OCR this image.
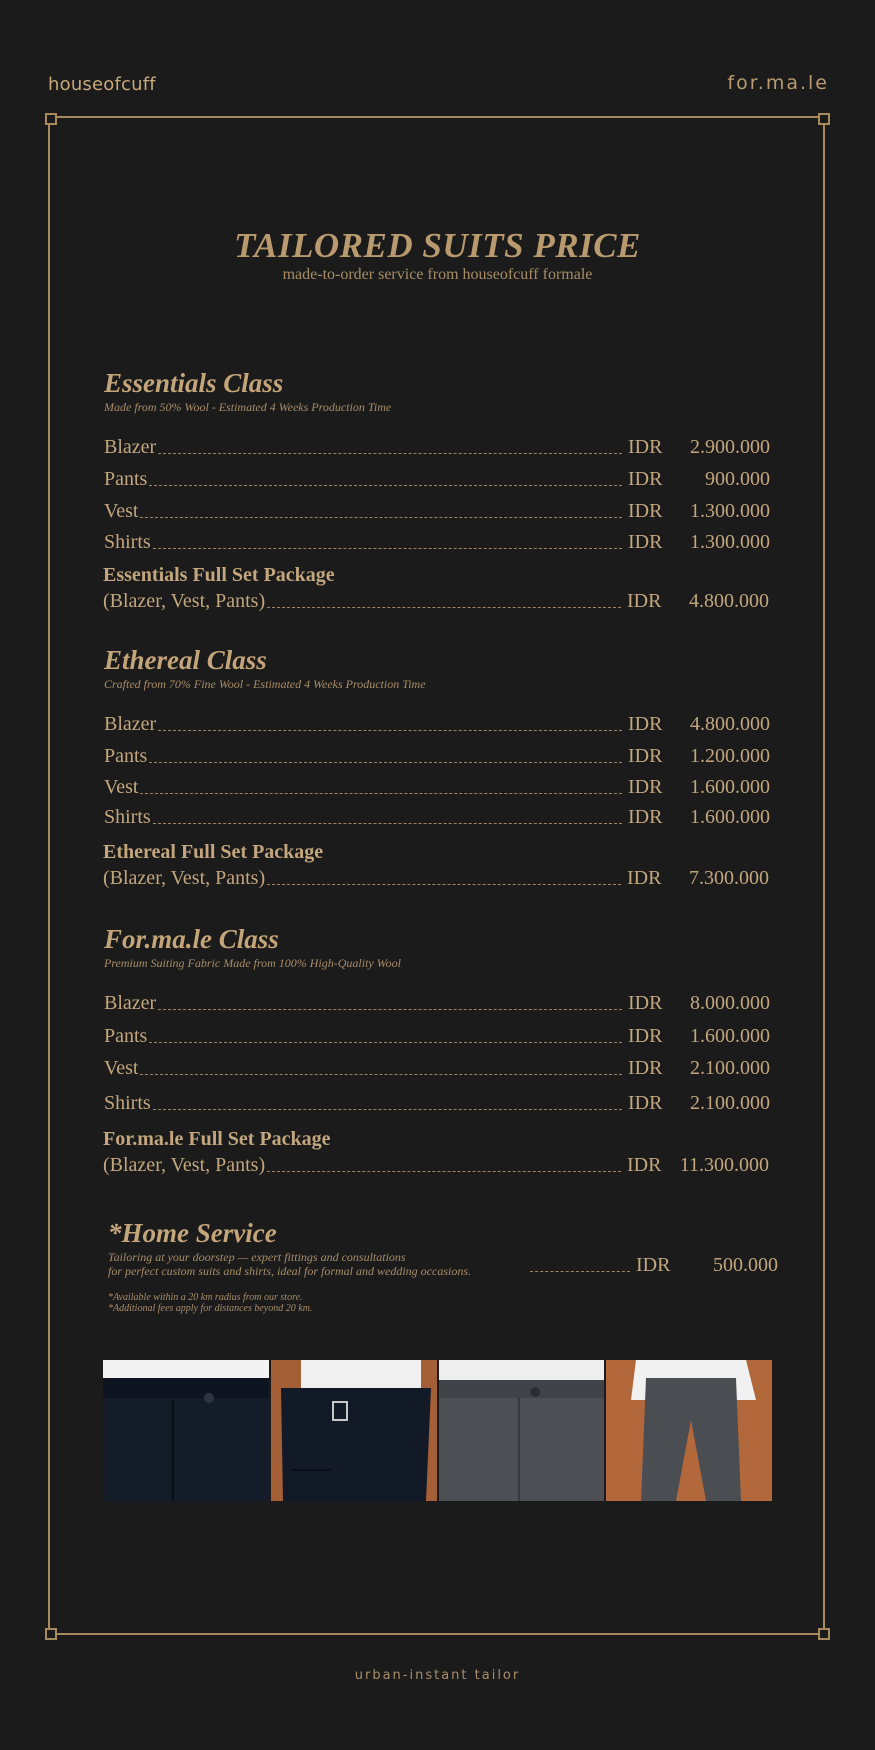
houseofcuff	for.ma.le
TAILORED SUITS PRICE
made-to-order service from houseofcuff formale
Essentials Class
Made from 50% Wool - Estimated 4 Weeks Production Time
Blazer	IDR	2.900.000
Pants	IDR	900.000
Vest	IDR	1.300.000
Shirts	IDR	1.300.000
Essentials Full Set Package
(Blazer, Vest, Pants)	IDR	4.800.000
Ethereal Class
Crafted from 70% Fine Wool - Estimated 4 Weeks Production Time
Blazer	IDR	4.800.000
Pants	IDR	1.200.000
Vest	IDR	1.600.000
Shirts	IDR	1.600.000
Ethereal Full Set Package
(Blazer, Vest, Pants)	IDR	7.300.000
For.ma.le Class
Premium Suiting Fabric Made from 100% High-Quality Wool
Blazer	IDR	8.000.000
Pants	IDR	1.600.000
Vest	IDR	2.100.000
Shirts	IDR	2.100.000
For.ma.le Full Set Package
(Blazer, Vest, Pants)	IDR 11.300.000
*Home Service
Tailoring at your doorstep — expert fittings and consultations
for perfect custom suits and shirts, ideal for formal and wedding occasions.	IDR	500.000
*Available within a 20 km radius from our store.
*Additional fees apply for distances beyond 20 km.
urban-instant tailor
